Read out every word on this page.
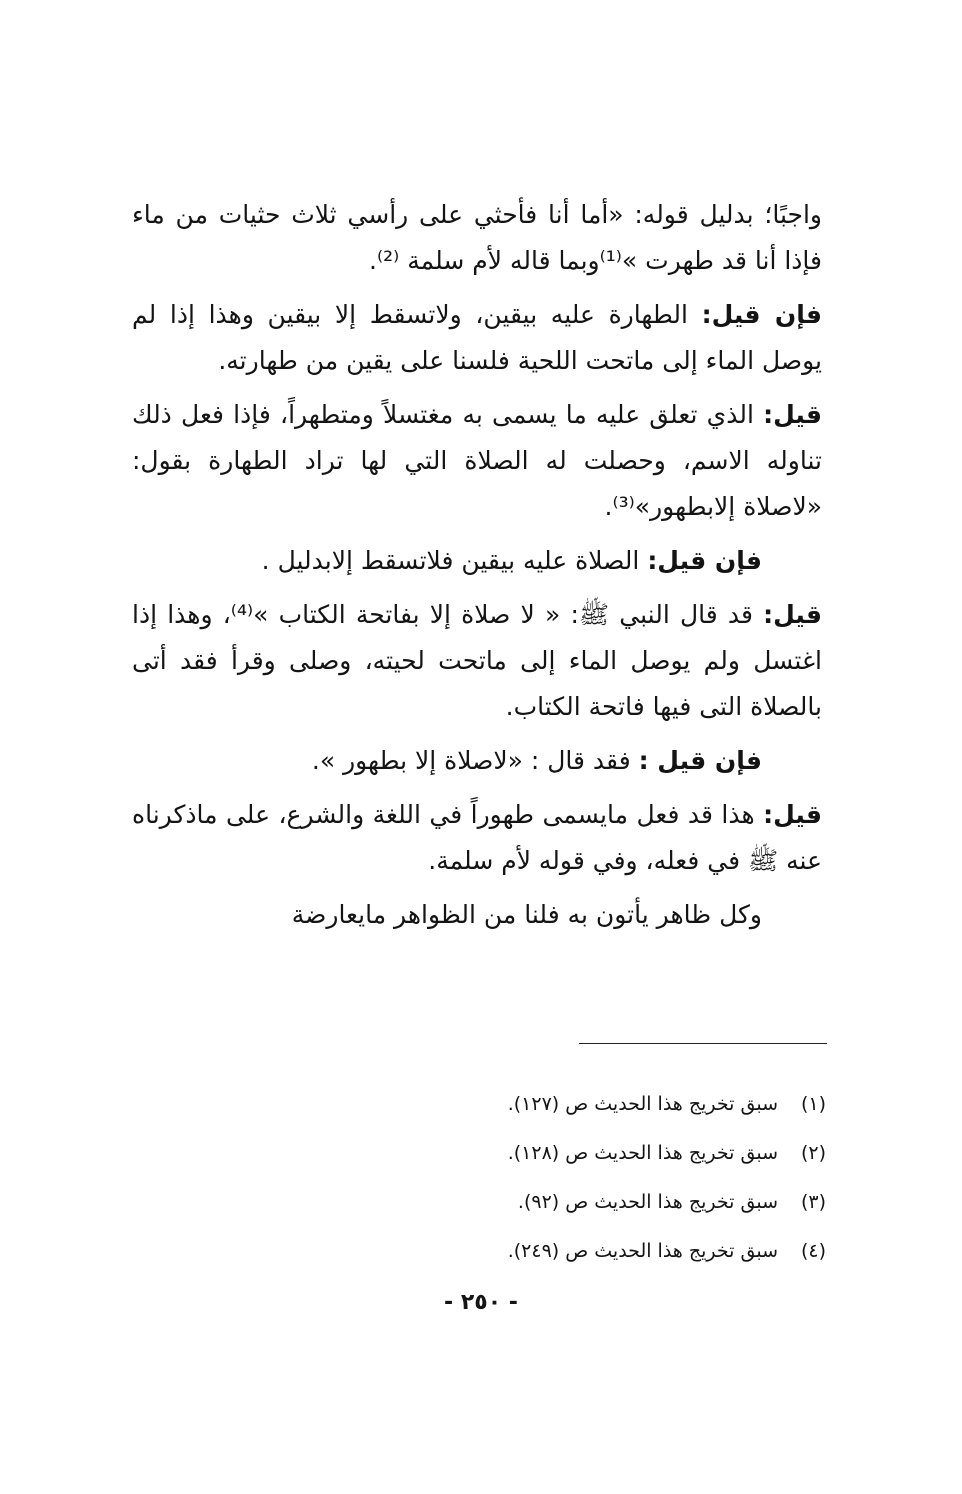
واجبًا؛ بدليل قوله: «أما أنا فأحثي على رأسي ثلاث حثيات من ماء فإذا أنا قد طهرت »⁽¹⁾وبما قاله لأم سلمة ⁽²⁾.

فإن قيل: الطهارة عليه بيقين، ولاتسقط إلا بيقين وهذا إذا لم يوصل الماء إلى ماتحت اللحية فلسنا على يقين من طهارته.

قيل: الذي تعلق عليه ما يسمى به مغتسلاً ومتطهراً، فإذا فعل ذلك تناوله الاسم، وحصلت له الصلاة التي لها تراد الطهارة بقول: «لاصلاة إلابطهور»⁽³⁾.

فإن قيل: الصلاة عليه بيقين فلاتسقط إلابدليل .

قيل: قد قال النبي ﷺ: « لا صلاة إلا بفاتحة الكتاب »⁽⁴⁾، وهذا إذا اغتسل ولم يوصل الماء إلى ماتحت لحيته، وصلى وقرأ فقد أتى بالصلاة التى فيها فاتحة الكتاب.

فإن قيل : فقد قال : «لاصلاة إلا بطهور ».

قيل: هذا قد فعل مايسمى طهوراً في اللغة والشرع، على ماذكرناه عنه ﷺ في فعله، وفي قوله لأم سلمة.

وكل ظاهر يأتون به فلنا من الظواهر مايعارضة

(١)
سبق تخريج هذا الحديث ص (١٢٧).
(٢)
سبق تخريج هذا الحديث ص (١٢٨).
(٣)
سبق تخريج هذا الحديث ص (٩٢).
(٤)
سبق تخريج هذا الحديث ص (٢٤٩).
- ٢٥٠ -
